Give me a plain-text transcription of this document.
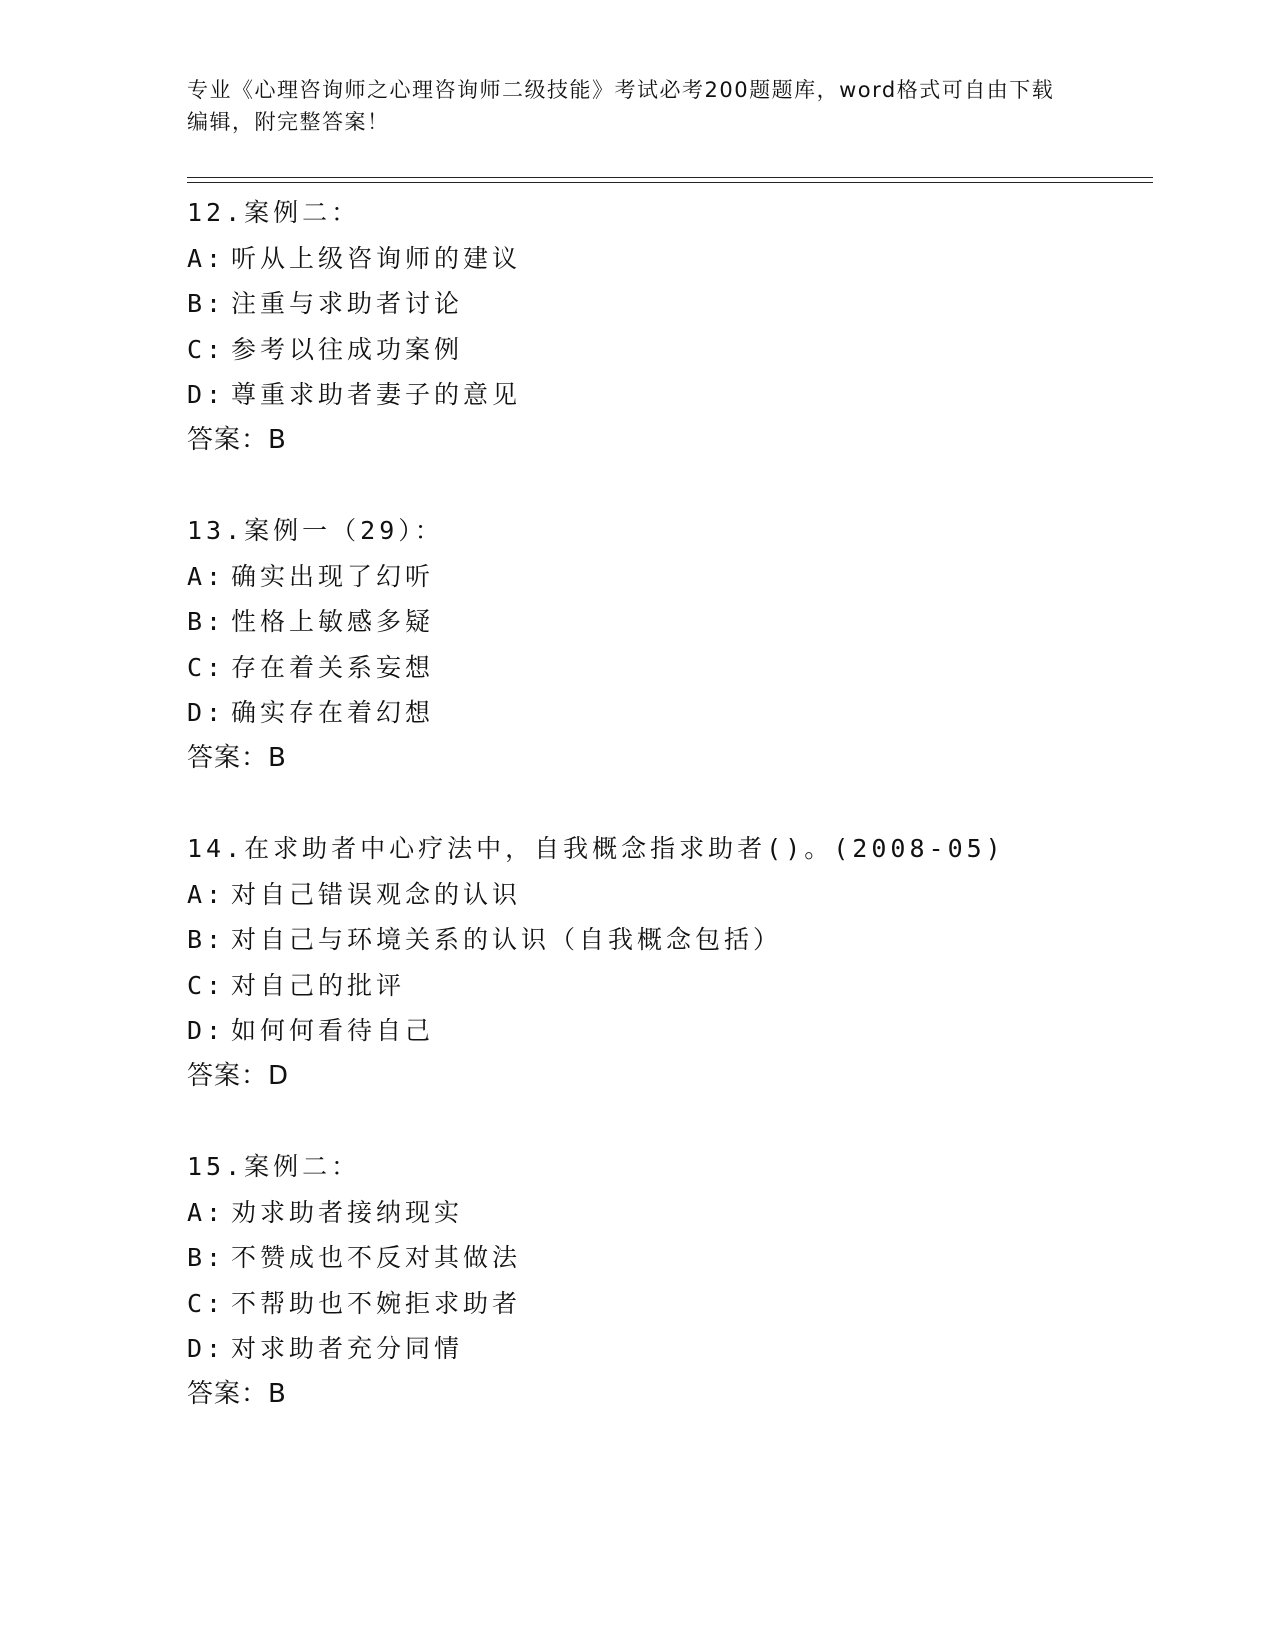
专业《心理咨询师之心理咨询师二级技能》考试必考200题题库，word格式可自由下载编辑，附完整答案！
12.案例二：
A: 听从上级咨询师的建议
B: 注重与求助者讨论
C: 参考以往成功案例
D: 尊重求助者妻子的意见
答案：B
13.案例一（29）：
A: 确实出现了幻听
B: 性格上敏感多疑
C: 存在着关系妄想
D: 确实存在着幻想
答案：B
14.在求助者中心疗法中，自我概念指求助者()。(2008-05)
A: 对自己错误观念的认识
B: 对自己与环境关系的认识（自我概念包括）
C: 对自己的批评
D: 如何何看待自己
答案：D
15.案例二：
A: 劝求助者接纳现实
B: 不赞成也不反对其做法
C: 不帮助也不婉拒求助者
D: 对求助者充分同情
答案：B
